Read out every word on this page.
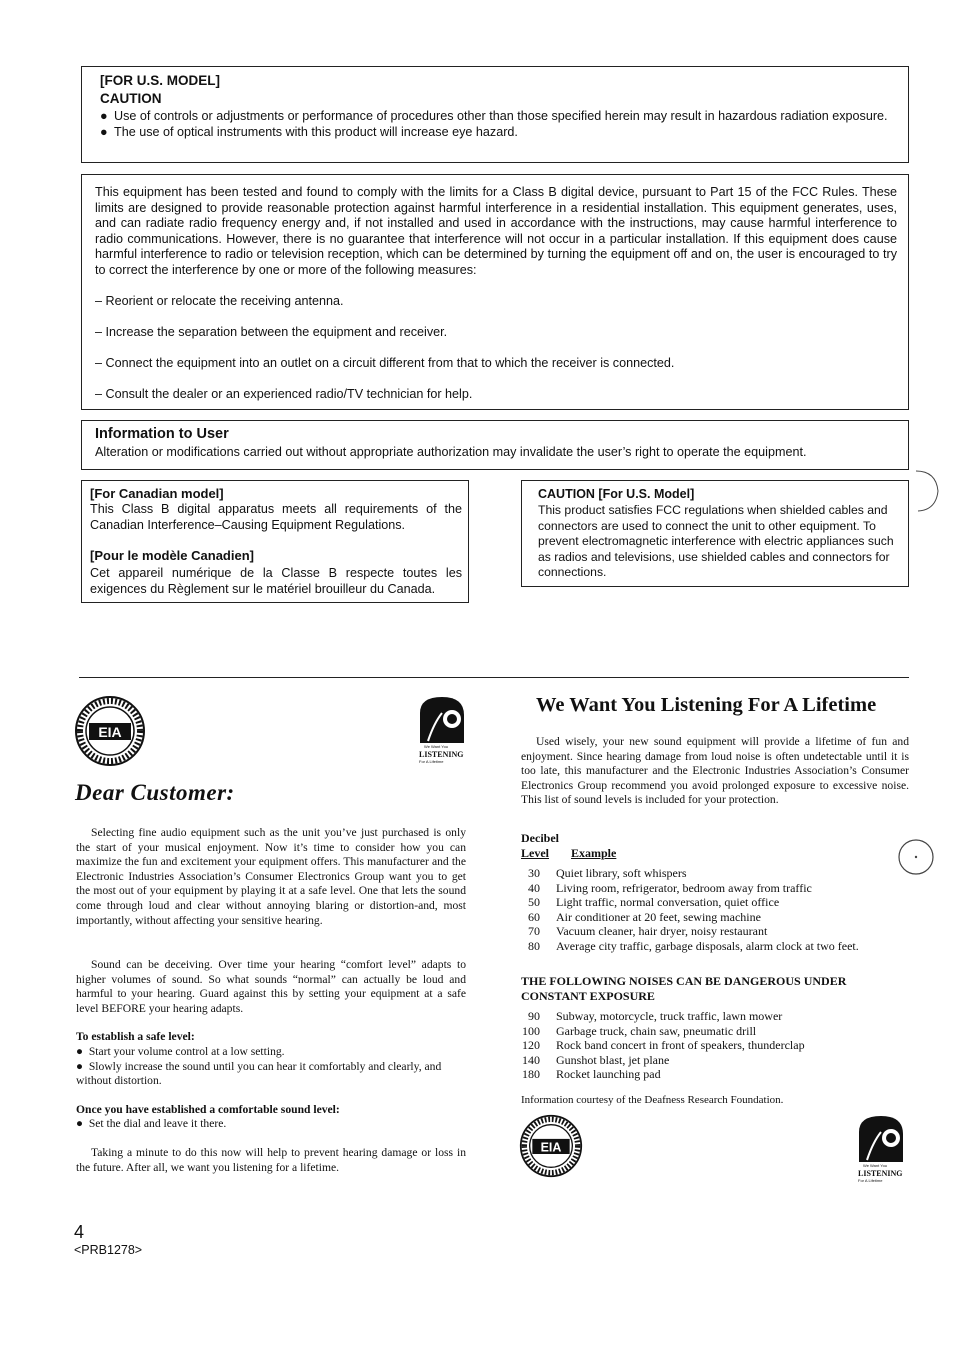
[FOR U.S. MODEL]
CAUTION
● Use of controls or adjustments or performance of procedures other than those specified herein may result in hazardous radiation exposure.
● The use of optical instruments with this product will increase eye hazard.
This equipment has been tested and found to comply with the limits for a Class B digital device, pursuant to Part 15 of the FCC Rules. These limits are designed to provide reasonable protection against harmful interference in a residential installation. This equipment generates, uses, and can radiate radio frequency energy and, if not installed and used in accordance with the instructions, may cause harmful interference to radio communications. However, there is no guarantee that interference will not occur in a particular installation. If this equipment does cause harmful interference to radio or television reception, which can be determined by turning the equipment off and on, the user is encouraged to try to correct the interference by one or more of the following measures:
– Reorient or relocate the receiving antenna.
– Increase the separation between the equipment and receiver.
– Connect the equipment into an outlet on a circuit different from that to which the receiver is connected.
– Consult the dealer or an experienced radio/TV technician for help.
Information to User
Alteration or modifications carried out without appropriate authorization may invalidate the user’s right to operate the equipment.
[For Canadian model]
This Class B digital apparatus meets all requirements of the Canadian Interference–Causing Equipment Regulations.
[Pour le modèle Canadien]
Cet appareil numérique de la Classe B respecte toutes les exigences du Règlement sur le matériel brouilleur du Canada.
CAUTION [For U.S. Model]
This product satisfies FCC regulations when shielded cables and connectors are used to connect the unit to other equipment. To prevent electromagnetic interference with electric appliances such as radios and televisions, use shielded cables and connectors for connections.
EIA
We Want You
LISTENING
For A Lifetime
Dear Customer:
Selecting fine audio equipment such as the unit you’ve just purchased is only the start of your musical enjoyment. Now it’s time to consider how you can maximize the fun and excitement your equipment offers. This manufacturer and the Electronic Industries Association’s Consumer Electronics Group want you to get the most out of your equipment by playing it at a safe level. One that lets the sound come through loud and clear without annoying blaring or distortion-and, most importantly, without affecting your sensitive hearing.
Sound can be deceiving. Over time your hearing “comfort level” adapts to higher volumes of sound. So what sounds “normal” can actually be loud and harmful to your hearing. Guard against this by setting your equipment at a safe level BEFORE your hearing adapts.
To establish a safe level:
●  Start your volume control at a low setting.
●  Slowly increase the sound until you can hear it comfortably and clearly, and without distortion.
Once you have established a comfortable sound level:
●  Set the dial and leave it there.
Taking a minute to do this now will help to prevent hearing damage or loss in the future. After all, we want you listening for a lifetime.
We Want You Listening For A Lifetime
Used wisely, your new sound equipment will provide a lifetime of fun and enjoyment. Since hearing damage from loud noise is often undetectable until it is too late, this manufacturer and the Electronic Industries Association’s Consumer Electronics Group recommend you avoid prolonged exposure to excessive noise. This list of sound levels is included for your protection.
Decibel
Level	Example
30	Quiet library, soft whispers
40	Living room, refrigerator, bedroom away from traffic
50	Light traffic, normal conversation, quiet office
60	Air conditioner at 20 feet, sewing machine
70	Vacuum cleaner, hair dryer, noisy restaurant
80	Average city traffic, garbage disposals, alarm clock at two feet.
THE FOLLOWING NOISES CAN BE DANGEROUS UNDER CONSTANT EXPOSURE
90	Subway, motorcycle, truck traffic, lawn mower
100	Garbage truck, chain saw, pneumatic drill
120	Rock band concert in front of speakers, thunderclap
140	Gunshot blast, jet plane
180	Rocket launching pad
Information courtesy of the Deafness Research Foundation.
EIA
We Want You
LISTENING
For A Lifetime
4
<PRB1278>
